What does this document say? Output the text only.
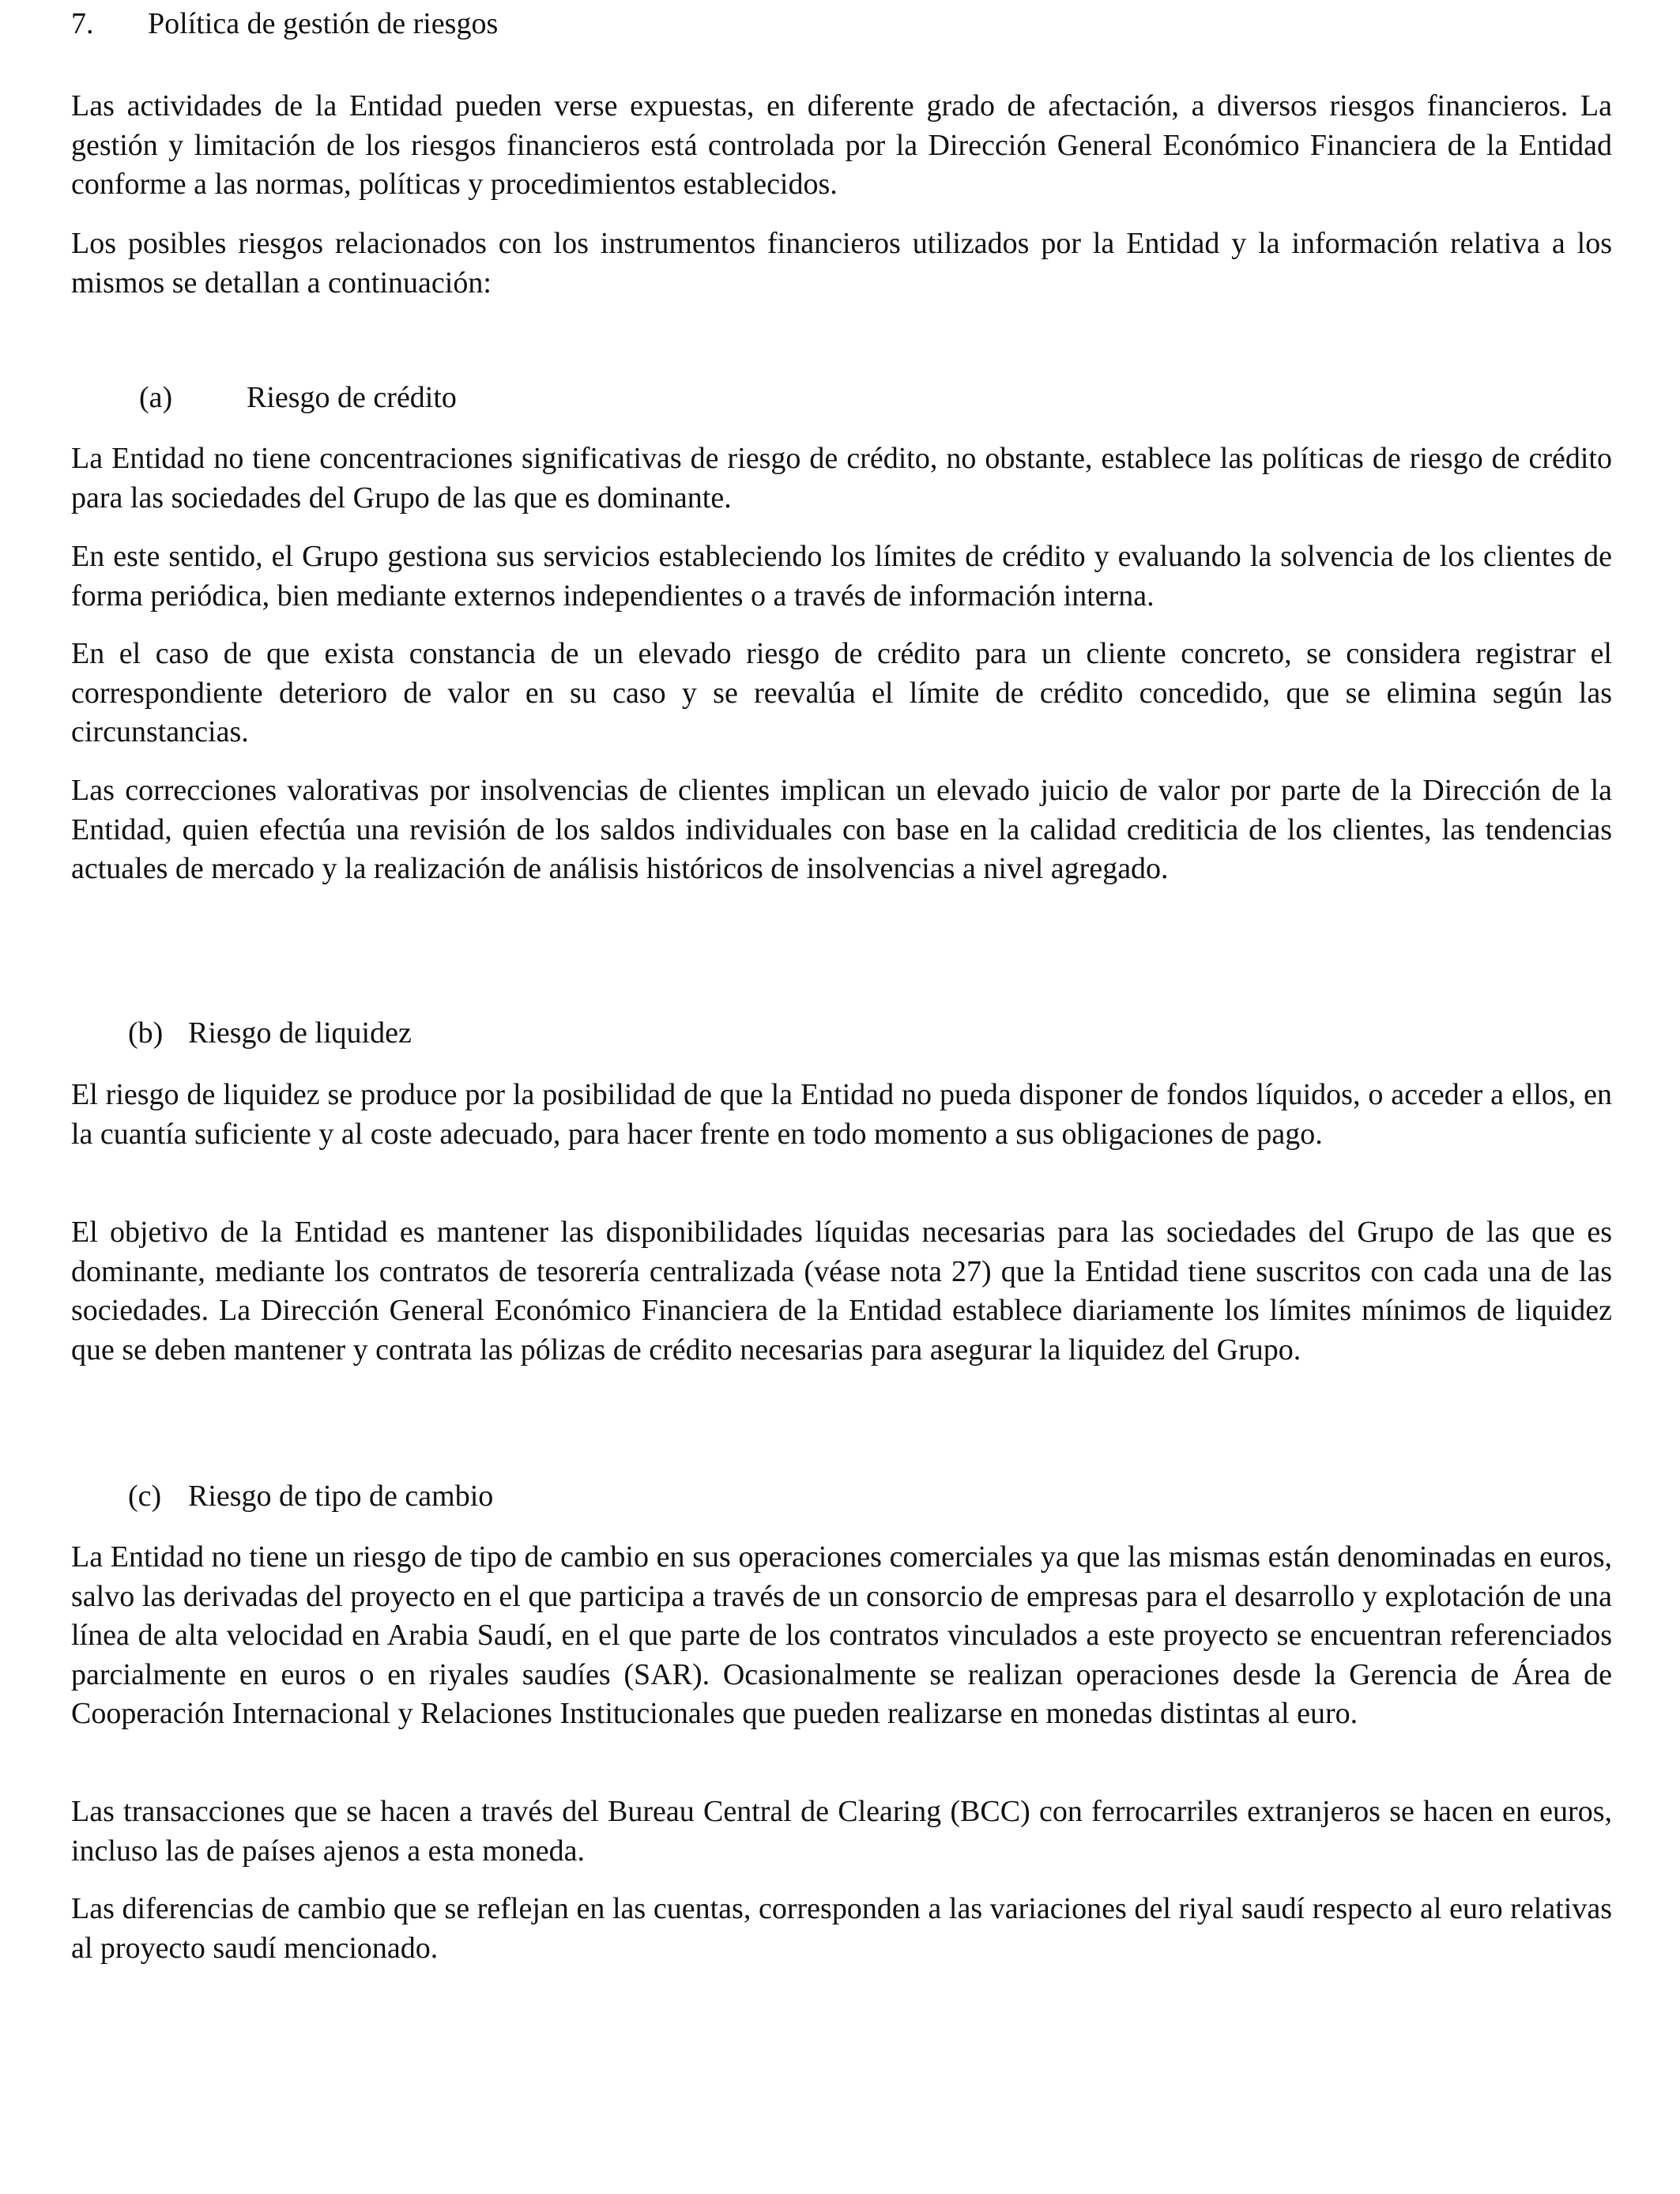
7. Política de gestión de riesgos

Las actividades de la Entidad pueden verse expuestas, en diferente grado de afectación, a diversos riesgos financieros. La gestión y limitación de los riesgos financieros está controlada por la Dirección General Económico Financiera de la Entidad conforme a las normas, políticas y procedimientos establecidos.

Los posibles riesgos relacionados con los instrumentos financieros utilizados por la Entidad y la información relativa a los mismos se detallan a continuación:

(a) Riesgo de crédito

La Entidad no tiene concentraciones significativas de riesgo de crédito, no obstante, establece las políticas de riesgo de crédito para las sociedades del Grupo de las que es dominante.

En este sentido, el Grupo gestiona sus servicios estableciendo los límites de crédito y evaluando la solvencia de los clientes de forma periódica, bien mediante externos independientes o a través de información interna.

En el caso de que exista constancia de un elevado riesgo de crédito para un cliente concreto, se considera registrar el correspondiente deterioro de valor en su caso y se reevalúa el límite de crédito concedido, que se elimina según las circunstancias.

Las correcciones valorativas por insolvencias de clientes implican un elevado juicio de valor por parte de la Dirección de la Entidad, quien efectúa una revisión de los saldos individuales con base en la calidad crediticia de los clientes, las tendencias actuales de mercado y la realización de análisis históricos de insolvencias a nivel agregado.

(b) Riesgo de liquidez

El riesgo de liquidez se produce por la posibilidad de que la Entidad no pueda disponer de fondos líquidos, o acceder a ellos, en la cuantía suficiente y al coste adecuado, para hacer frente en todo momento a sus obligaciones de pago.

El objetivo de la Entidad es mantener las disponibilidades líquidas necesarias para las sociedades del Grupo de las que es dominante, mediante los contratos de tesorería centralizada (véase nota 27) que la Entidad tiene suscritos con cada una de las sociedades. La Dirección General Económico Financiera de la Entidad establece diariamente los límites mínimos de liquidez que se deben mantener y contrata las pólizas de crédito necesarias para asegurar la liquidez del Grupo.

(c) Riesgo de tipo de cambio

La Entidad no tiene un riesgo de tipo de cambio en sus operaciones comerciales ya que las mismas están denominadas en euros, salvo las derivadas del proyecto en el que participa a través de un consorcio de empresas para el desarrollo y explotación de una línea de alta velocidad en Arabia Saudí, en el que parte de los contratos vinculados a este proyecto se encuentran referenciados parcialmente en euros o en riyales saudíes (SAR). Ocasionalmente se realizan operaciones desde la Gerencia de Área de Cooperación Internacional y Relaciones Institucionales que pueden realizarse en monedas distintas al euro.

Las transacciones que se hacen a través del Bureau Central de Clearing (BCC) con ferrocarriles extranjeros se hacen en euros, incluso las de países ajenos a esta moneda.

Las diferencias de cambio que se reflejan en las cuentas, corresponden a las variaciones del riyal saudí respecto al euro relativas al proyecto saudí mencionado.
